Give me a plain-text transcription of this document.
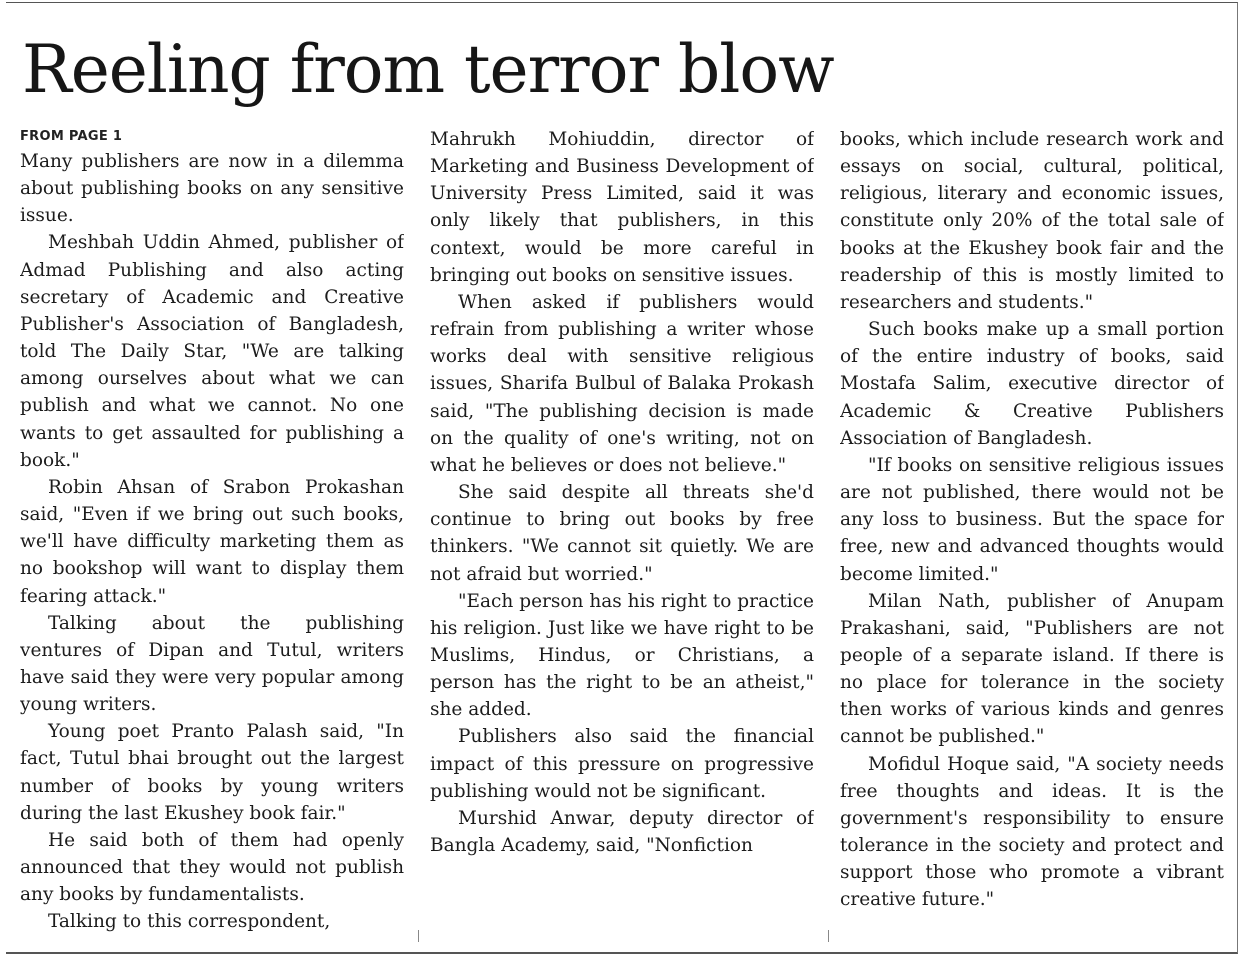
Reeling from terror blow
FROM PAGE 1

Many publishers are now in a dilemma about publishing books on any sensitive issue.

Meshbah Uddin Ahmed, publisher of Admad Publishing and also acting secretary of Academic and Creative Publisher's Association of Bangladesh, told The Daily Star, "We are talking among ourselves about what we can publish and what we cannot. No one wants to get assaulted for publishing a book."

Robin Ahsan of Srabon Prokashan said, "Even if we bring out such books, we'll have difficulty marketing them as no bookshop will want to display them fearing attack."

Talking about the publishing ventures of Dipan and Tutul, writers have said they were very popular among young writers.

Young poet Pranto Palash said, "In fact, Tutul bhai brought out the largest number of books by young writers during the last Ekushey book fair."

He said both of them had openly announced that they would not publish any books by fundamentalists.

Talking to this correspondent,

Mahrukh Mohiuddin, director of Marketing and Business Development of University Press Limited, said it was only likely that publishers, in this context, would be more careful in bringing out books on sensitive issues.

When asked if publishers would refrain from publishing a writer whose works deal with sensitive religious issues, Sharifa Bulbul of Balaka Prokash said, "The publishing decision is made on the quality of one's writing, not on what he believes or does not believe."

She said despite all threats she'd continue to bring out books by free thinkers. "We cannot sit quietly. We are not afraid but worried."

"Each person has his right to practice his religion. Just like we have right to be Muslims, Hindus, or Christians, a person has the right to be an atheist," she added.

Publishers also said the financial impact of this pressure on progressive publishing would not be significant.

Murshid Anwar, deputy director of Bangla Academy, said, "Nonfiction

books, which include research work and essays on social, cultural, political, religious, literary and economic issues, constitute only 20% of the total sale of books at the Ekushey book fair and the readership of this is mostly limited to researchers and students."

Such books make up a small portion of the entire industry of books, said Mostafa Salim, executive director of Academic & Creative Publishers Association of Bangladesh.

"If books on sensitive religious issues are not published, there would not be any loss to business. But the space for free, new and advanced thoughts would become limited."

Milan Nath, publisher of Anupam Prakashani, said, "Publishers are not people of a separate island. If there is no place for tolerance in the society then works of various kinds and genres cannot be published."

Mofidul Hoque said, "A society needs free thoughts and ideas. It is the government's responsibility to ensure tolerance in the society and protect and support those who promote a vibrant creative future."
